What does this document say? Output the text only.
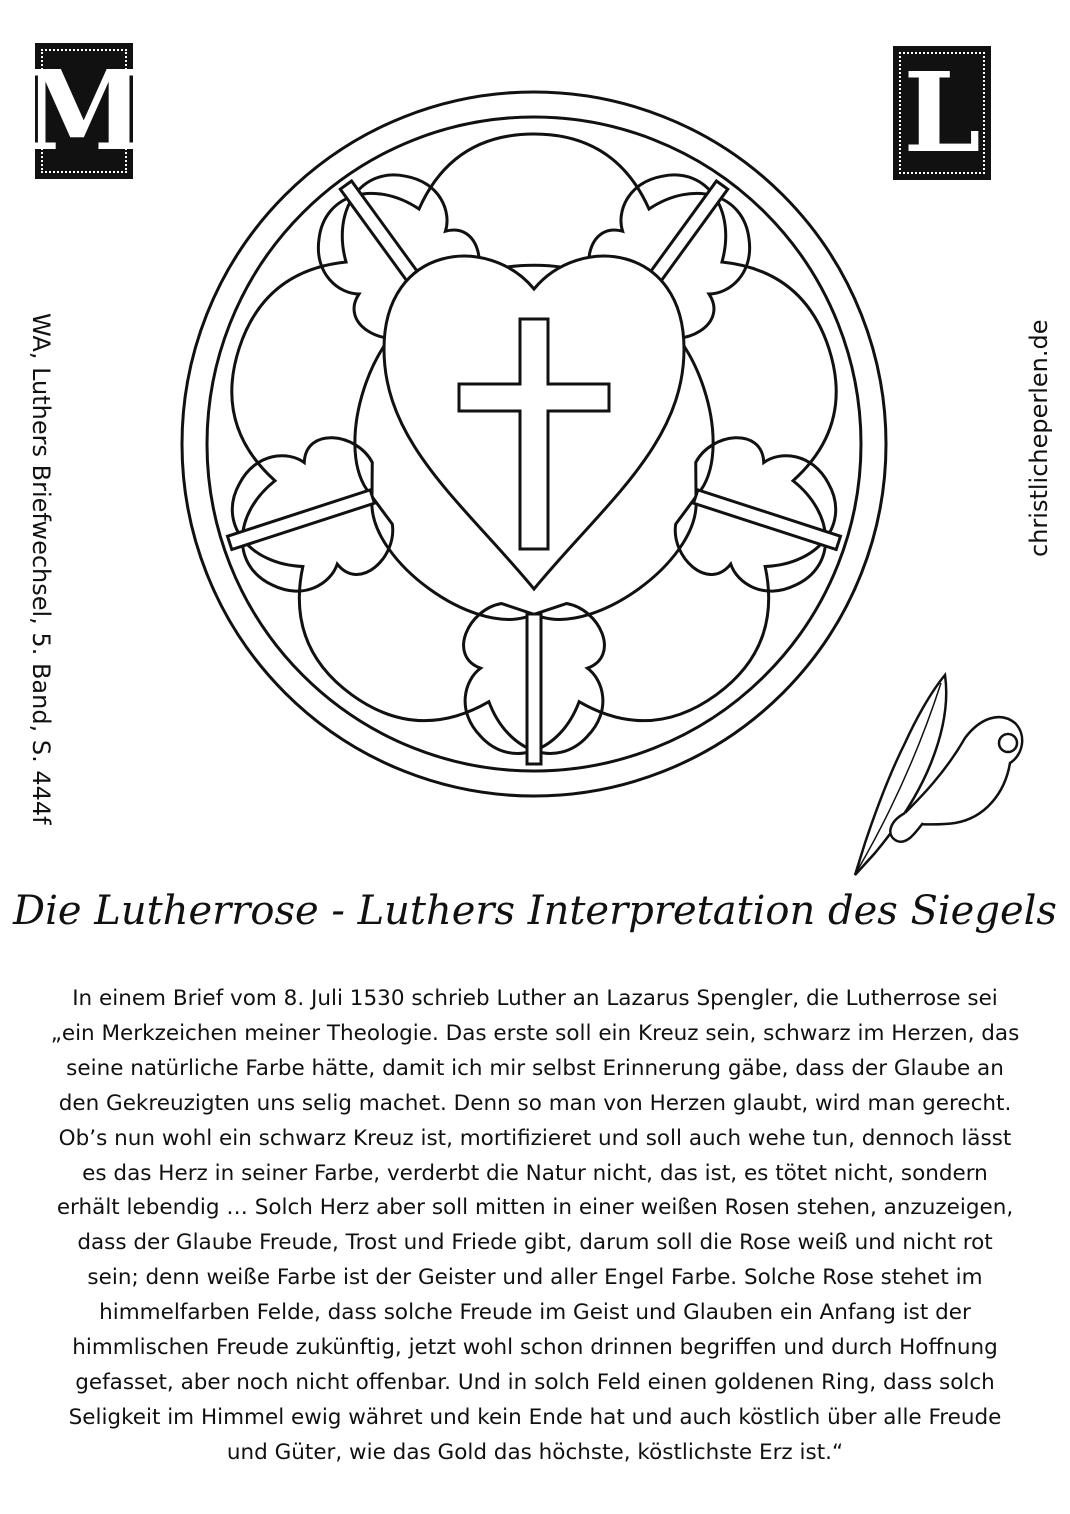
M	L
WA, Luthers Briefwechsel, 5. Band, S. 444f	christlicheperlen.de
Die Lutherrose - Luthers Interpretation des Siegels
In einem Brief vom 8. Juli 1530 schrieb Luther an Lazarus Spengler, die Lutherrose sei
„ein Merkzeichen meiner Theologie. Das erste soll ein Kreuz sein, schwarz im Herzen, das
seine natürliche Farbe hätte, damit ich mir selbst Erinnerung gäbe, dass der Glaube an
den Gekreuzigten uns selig machet. Denn so man von Herzen glaubt, wird man gerecht.
Ob’s nun wohl ein schwarz Kreuz ist, mortifizieret und soll auch wehe tun, dennoch lässt
es das Herz in seiner Farbe, verderbt die Natur nicht, das ist, es tötet nicht, sondern
erhält lebendig … Solch Herz aber soll mitten in einer weißen Rosen stehen, anzuzeigen,
dass der Glaube Freude, Trost und Friede gibt, darum soll die Rose weiß und nicht rot
sein; denn weiße Farbe ist der Geister und aller Engel Farbe. Solche Rose stehet im
himmelfarben Felde, dass solche Freude im Geist und Glauben ein Anfang ist der
himmlischen Freude zukünftig, jetzt wohl schon drinnen begriffen und durch Hoffnung
gefasset, aber noch nicht offenbar. Und in solch Feld einen goldenen Ring, dass solch
Seligkeit im Himmel ewig währet und kein Ende hat und auch köstlich über alle Freude
und Güter, wie das Gold das höchste, köstlichste Erz ist.“
